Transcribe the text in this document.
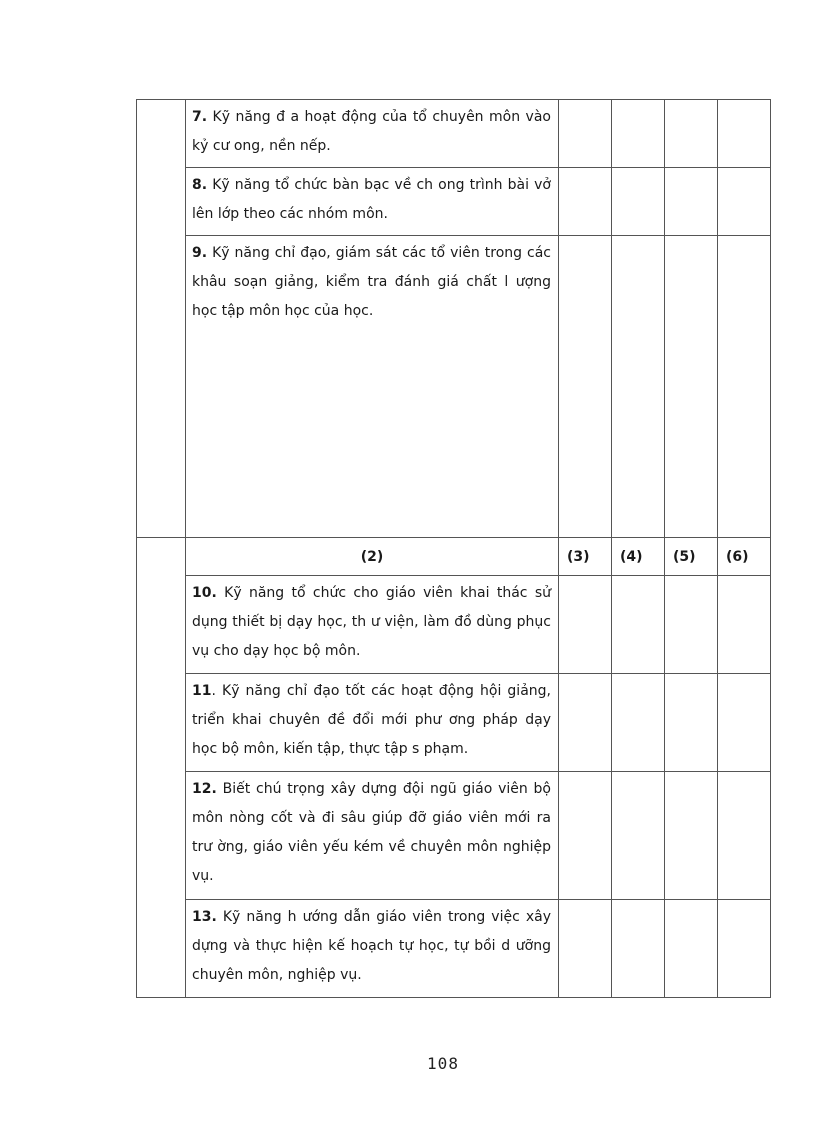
	7. Kỹ năng đ a hoạt động của tổ chuyên môn vào kỷ cư ong, nền nếp.				
	8. Kỹ năng tổ chức bàn bạc về ch ong trình bài vở lên lớp theo các nhóm môn.				
	9. Kỹ năng chỉ đạo, giám sát các tổ viên trong các khâu soạn giảng, kiểm tra đánh giá chất l ượng học tập môn học của học.				
	(2)	(3)	(4)	(5)	(6)
	10. Kỹ năng tổ chức cho giáo viên khai thác sử dụng thiết bị dạy học, th ư viện, làm đồ dùng phục vụ cho dạy học bộ môn.				
	11. Kỹ năng chỉ đạo tốt các hoạt động hội giảng, triển khai chuyên đề đổi mới phư ơng pháp dạy học bộ môn, kiến tập, thực tập s phạm.				
	12. Biết chú trọng xây dựng đội ngũ giáo viên bộ môn nòng cốt và đi sâu giúp đỡ giáo viên mới ra trư ờng, giáo viên yếu kém về chuyên môn nghiệp vụ.				
	13. Kỹ năng h ướng dẫn giáo viên trong việc xây dựng và thực hiện kế hoạch tự học, tự bồi d ưỡng chuyên môn, nghiệp vụ.				
108
